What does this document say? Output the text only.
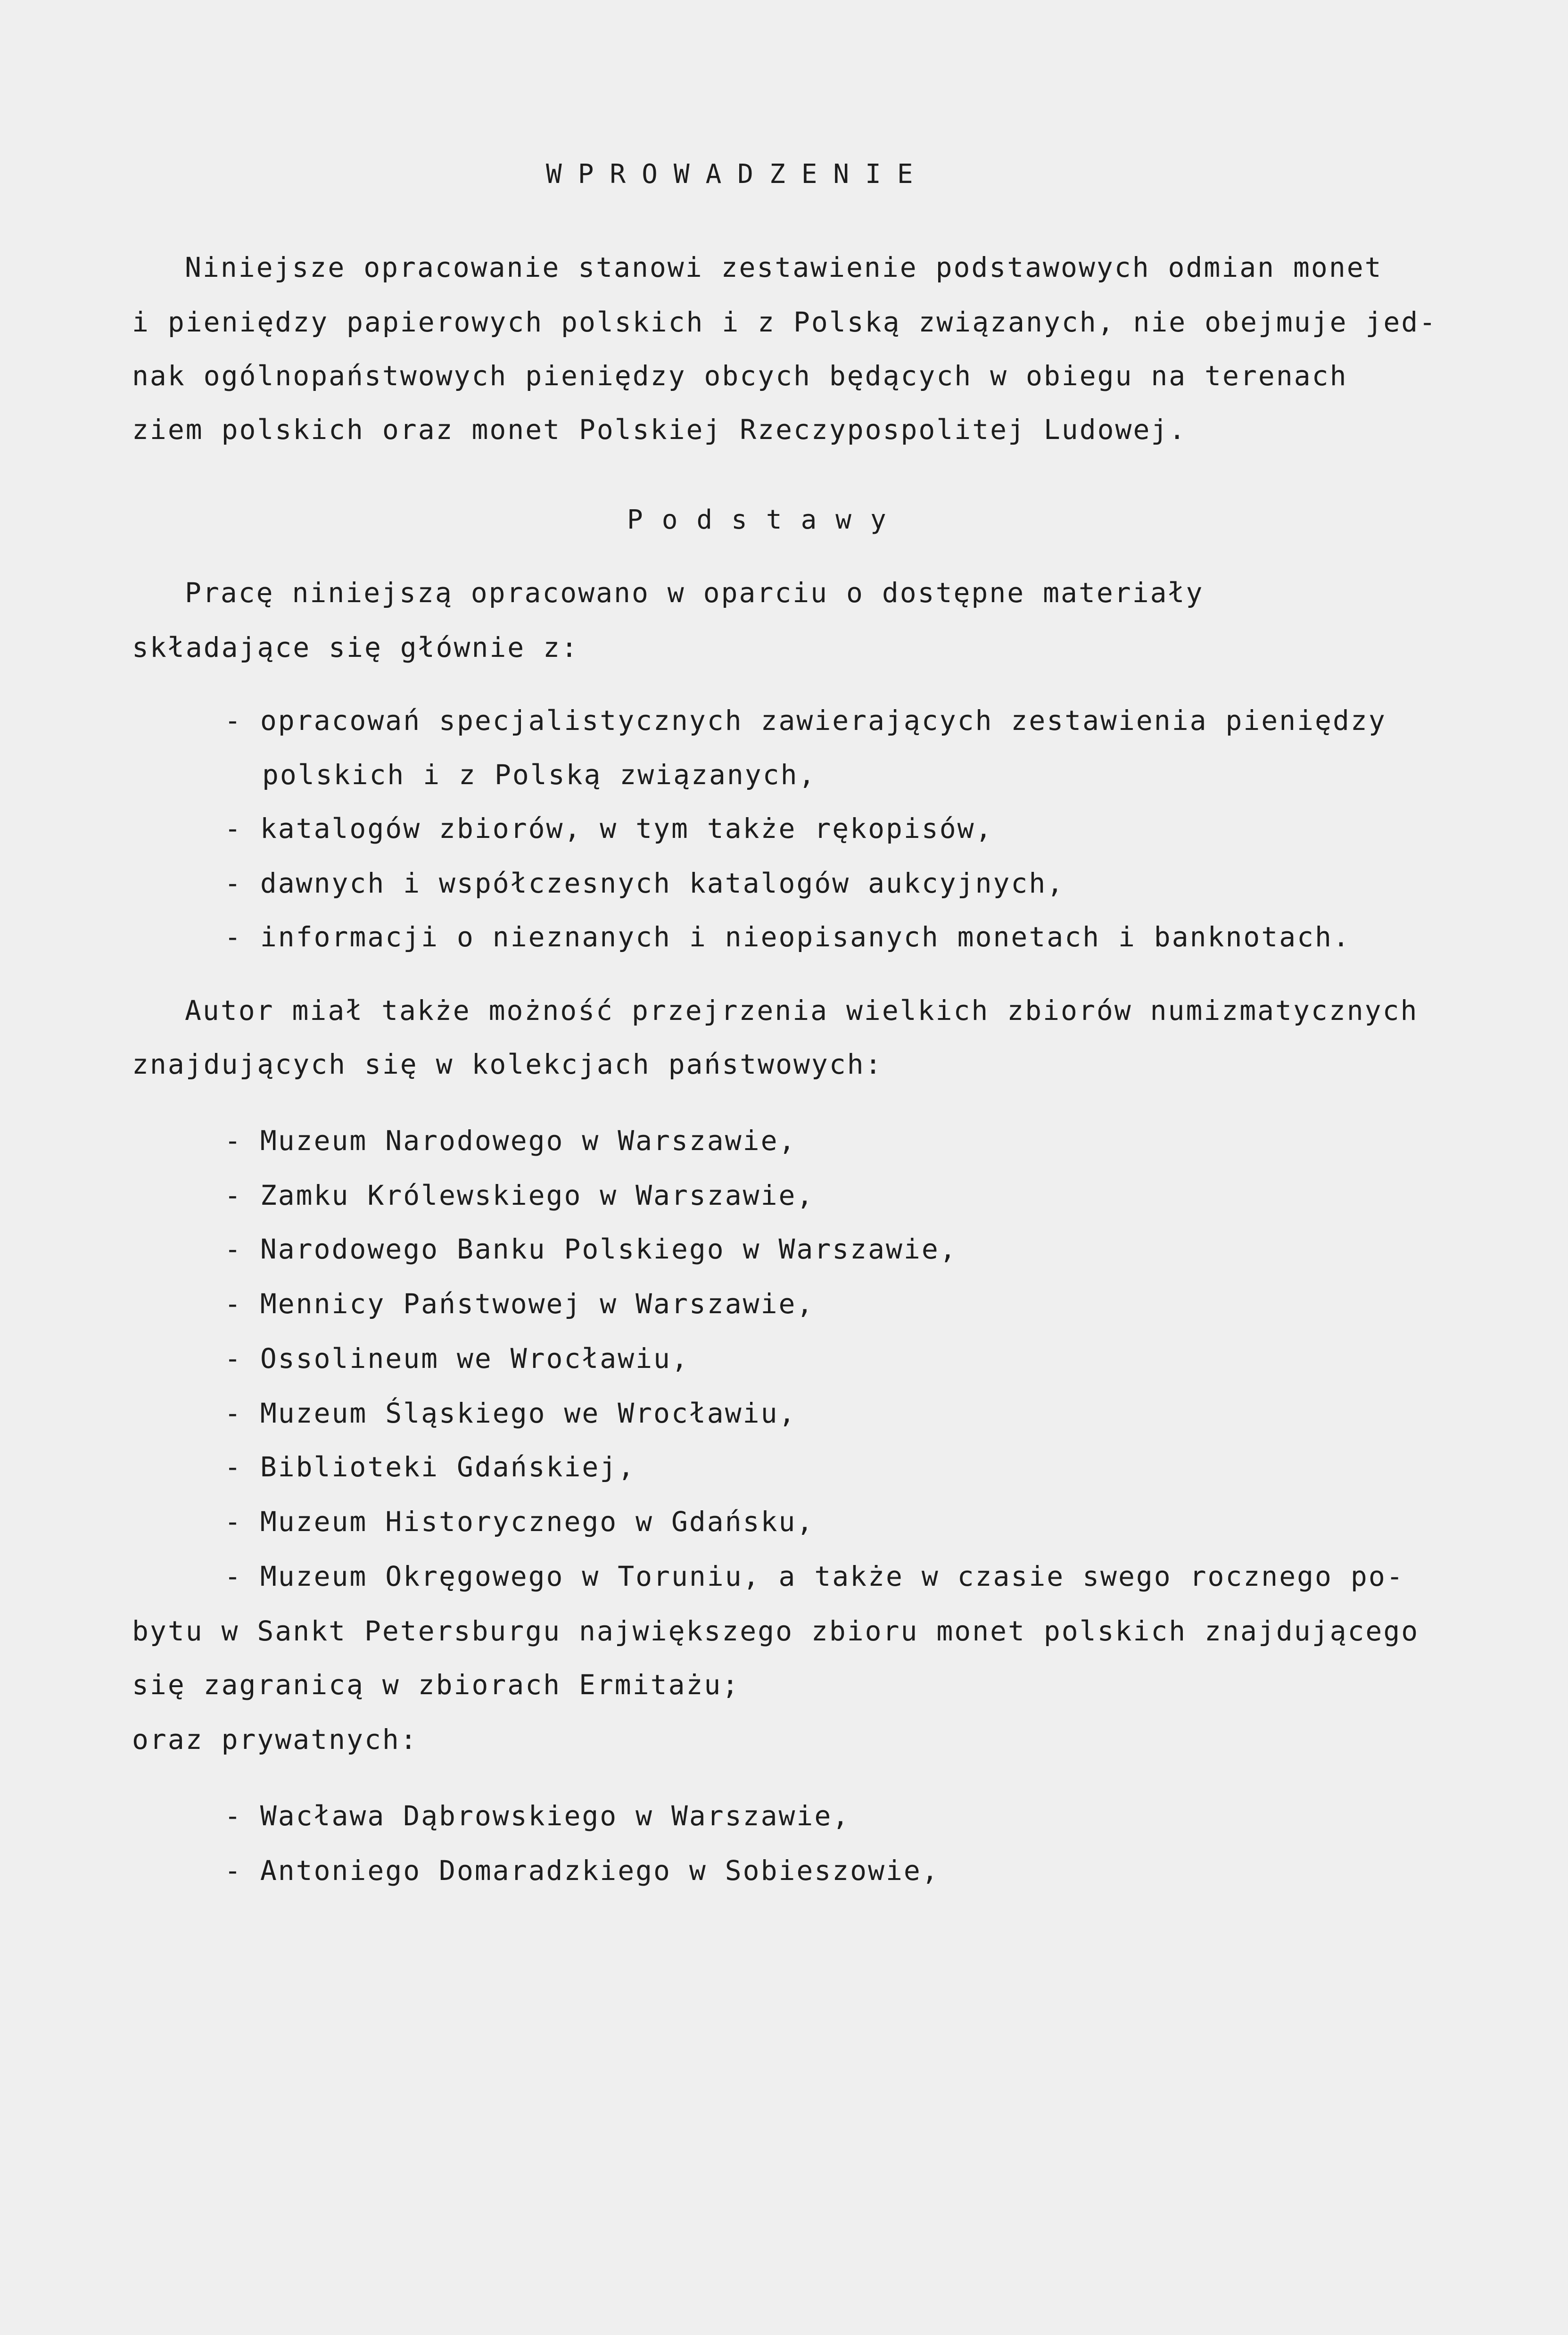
WPROWADZENIE
Niniejsze opracowanie stanowi zestawienie podstawowych odmian monet
i pieniędzy papierowych polskich i z Polską związanych, nie obejmuje jed-
nak ogólnopaństwowych pieniędzy obcych będących w obiegu na terenach
ziem polskich oraz monet Polskiej Rzeczypospolitej Ludowej.
Podstawy
Pracę niniejszą opracowano w oparciu o dostępne materiały
składające się głównie z:
- opracowań specjalistycznych zawierających zestawienia pieniędzy
polskich i z Polską związanych,
- katalogów zbiorów, w tym także rękopisów,
- dawnych i współczesnych katalogów aukcyjnych,
- informacji o nieznanych i nieopisanych monetach i banknotach.
Autor miał także możność przejrzenia wielkich zbiorów numizmatycznych
znajdujących się w kolekcjach państwowych:
- Muzeum Narodowego w Warszawie,
- Zamku Królewskiego w Warszawie,
- Narodowego Banku Polskiego w Warszawie,
- Mennicy Państwowej w Warszawie,
- Ossolineum we Wrocławiu,
- Muzeum Śląskiego we Wrocławiu,
- Biblioteki Gdańskiej,
- Muzeum Historycznego w Gdańsku,
- Muzeum Okręgowego w Toruniu, a także w czasie swego rocznego po-
bytu w Sankt Petersburgu największego zbioru monet polskich znajdującego
się zagranicą w zbiorach Ermitażu;
oraz prywatnych:
- Wacława Dąbrowskiego w Warszawie,
- Antoniego Domaradzkiego w Sobieszowie,
